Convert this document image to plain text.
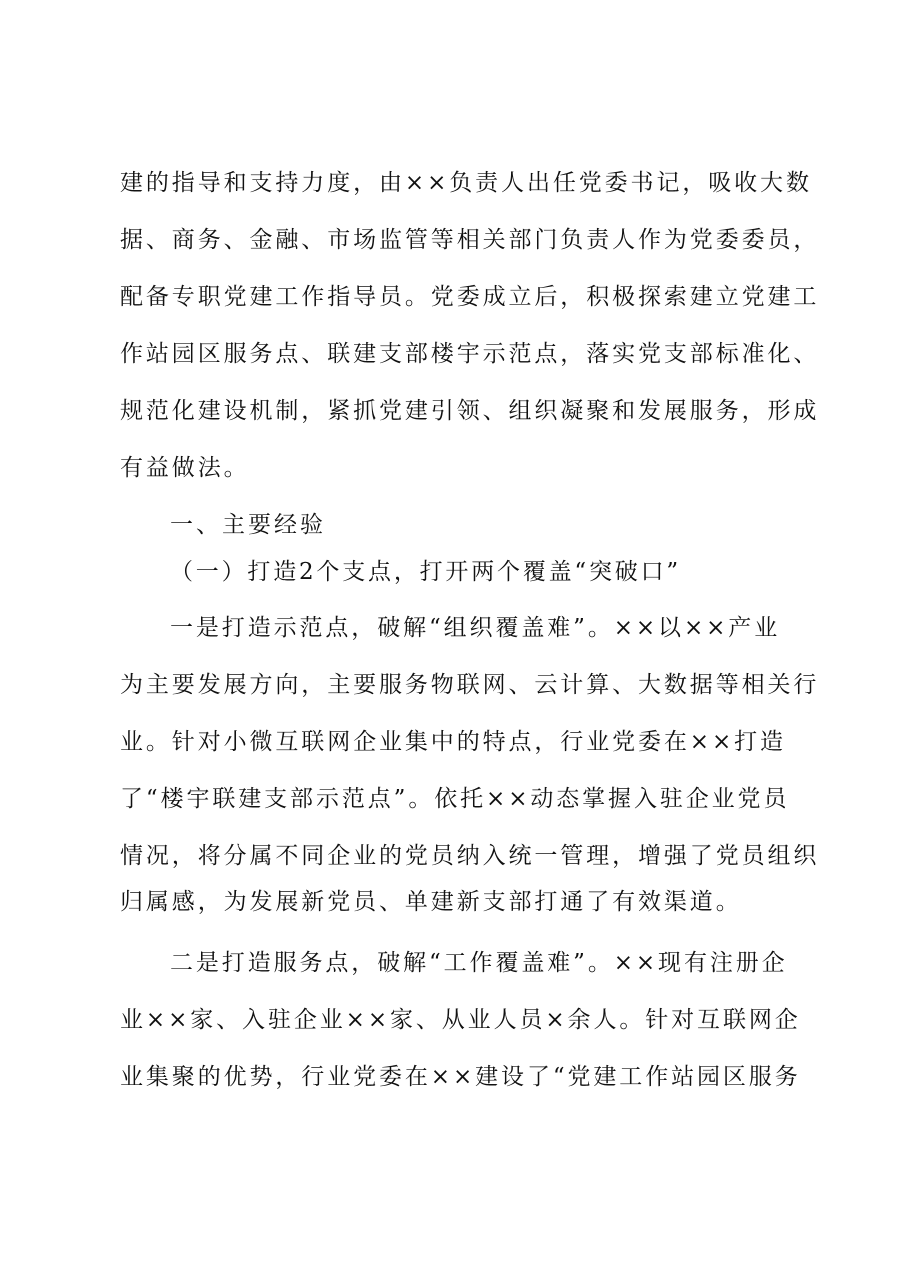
建的指导和支持力度，由××负责人出任党委书记，吸收大数
据、商务、金融、市场监管等相关部门负责人作为党委委员，
配备专职党建工作指导员。党委成立后，积极探索建立党建工
作站园区服务点、联建支部楼宇示范点，落实党支部标准化、
规范化建设机制，紧抓党建引领、组织凝聚和发展服务，形成
有益做法。
一、主要经验
（一）打造2个支点，打开两个覆盖“突破口”
一是打造示范点，破解“组织覆盖难”。××以××产业
为主要发展方向，主要服务物联网、云计算、大数据等相关行
业。针对小微互联网企业集中的特点，行业党委在××打造
了“楼宇联建支部示范点”。依托××动态掌握入驻企业党员
情况，将分属不同企业的党员纳入统一管理，增强了党员组织
归属感，为发展新党员、单建新支部打通了有效渠道。
二是打造服务点，破解“工作覆盖难”。××现有注册企
业××家、入驻企业××家、从业人员×余人。针对互联网企
业集聚的优势，行业党委在××建设了“党建工作站园区服务
